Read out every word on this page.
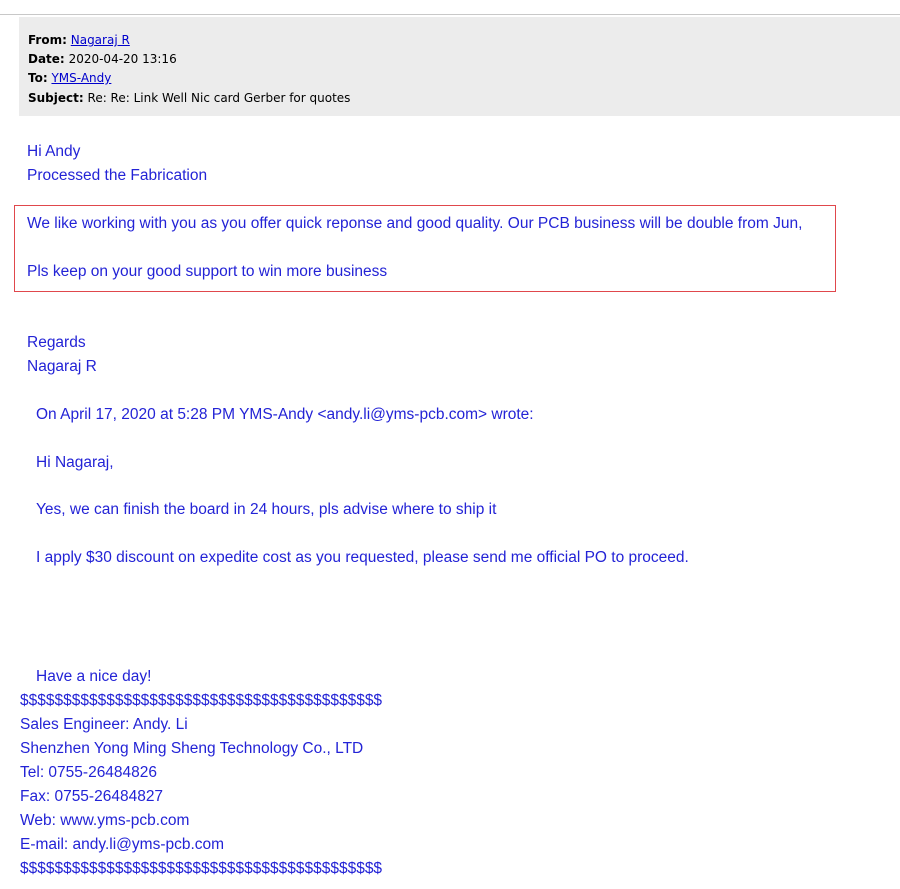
From: Nagaraj R
Date: 2020-04-20 13:16
To: YMS-Andy
Subject: Re: Re: Link Well Nic card Gerber for quotes
Hi Andy
Processed the Fabrication
We like working with you as you offer quick reponse and good quality. Our PCB business will be double from Jun,
Pls keep on your good support to win more business
Regards
Nagaraj R
On April 17, 2020 at 5:28 PM YMS-Andy <andy.li@yms-pcb.com> wrote:
Hi Nagaraj,
Yes, we can finish the board in 24 hours, pls advise where to ship it
I apply $30 discount on expedite cost as you requested, please send me official PO to proceed.
Have a nice day!
$$$$$$$$$$$$$$$$$$$$$$$$$$$$$$$$$$$$$$$$$$
Sales Engineer: Andy. Li
Shenzhen Yong Ming Sheng Technology Co., LTD
Tel: 0755-26484826
Fax: 0755-26484827
Web: www.yms-pcb.com
E-mail: andy.li@yms-pcb.com
$$$$$$$$$$$$$$$$$$$$$$$$$$$$$$$$$$$$$$$$$$
